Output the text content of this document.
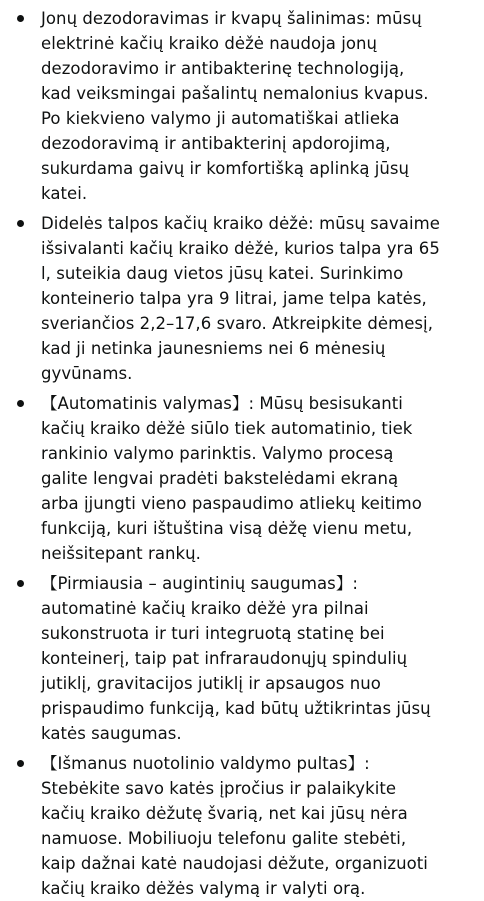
Jonų dezodoravimas ir kvapų šalinimas: mūsų
elektrinė kačių kraiko dėžė naudoja jonų
dezodoravimo ir antibakterinę technologiją,
kad veiksmingai pašalintų nemalonius kvapus.
Po kiekvieno valymo ji automatiškai atlieka
dezodoravimą ir antibakterinį apdorojimą,
sukurdama gaivų ir komfortišką aplinką jūsų
katei.
Didelės talpos kačių kraiko dėžė: mūsų savaime
išsivalanti kačių kraiko dėžė, kurios talpa yra 65
l, suteikia daug vietos jūsų katei. Surinkimo
konteinerio talpa yra 9 litrai, jame telpa katės,
sveriančios 2,2–17,6 svaro. Atkreipkite dėmesį,
kad ji netinka jaunesniems nei 6 mėnesių
gyvūnams.
【Automatinis valymas】: Mūsų besisukanti
kačių kraiko dėžė siūlo tiek automatinio, tiek
rankinio valymo parinktis. Valymo procesą
galite lengvai pradėti bakstelėdami ekraną
arba įjungti vieno paspaudimo atliekų keitimo
funkciją, kuri ištuština visą dėžę vienu metu,
neišsitepant rankų.
【Pirmiausia – augintinių saugumas】:
automatinė kačių kraiko dėžė yra pilnai
sukonstruota ir turi integruotą statinę bei
konteinerį, taip pat infraraudonųjų spindulių
jutiklį, gravitacijos jutiklį ir apsaugos nuo
prispaudimo funkciją, kad būtų užtikrintas jūsų
katės saugumas.
【Išmanus nuotolinio valdymo pultas】:
Stebėkite savo katės įpročius ir palaikykite
kačių kraiko dėžutę švarią, net kai jūsų nėra
namuose. Mobiliuoju telefonu galite stebėti,
kaip dažnai katė naudojasi dėžute, organizuoti
kačių kraiko dėžės valymą ir valyti orą.
